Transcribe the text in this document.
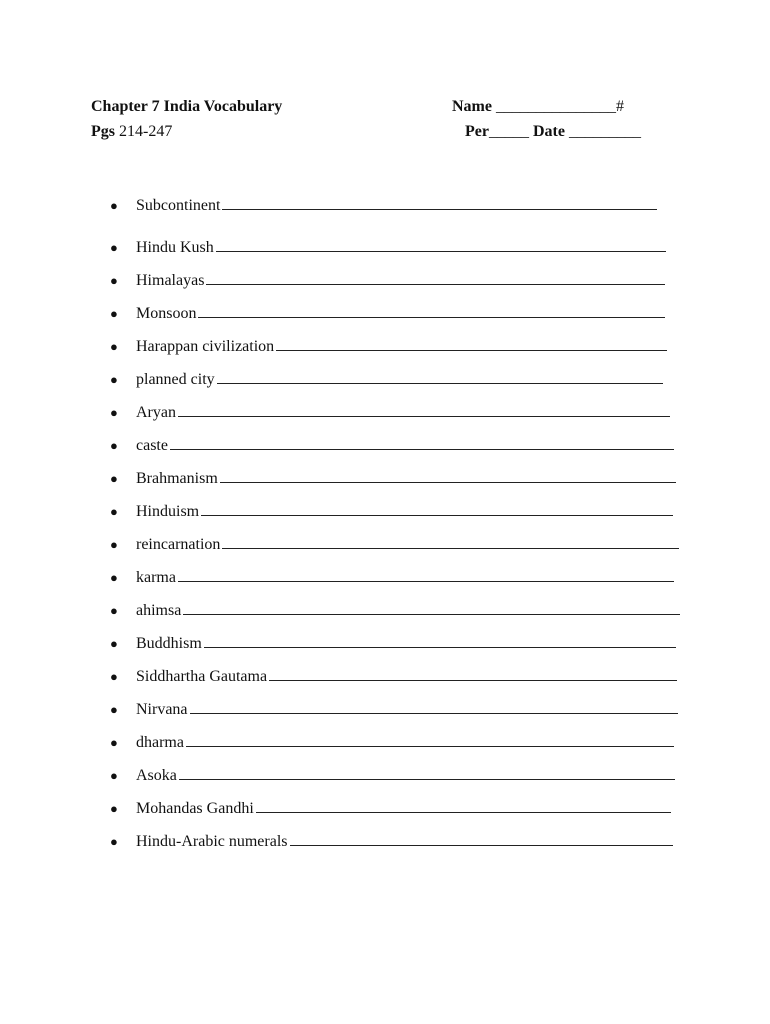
Chapter 7 India Vocabulary
Pgs 214-247
Name _______________#
Per_____ Date _________
●	Subcontinent
●	Hindu Kush
●	Himalayas
●	Monsoon
●	Harappan civilization
●	planned city
●	Aryan
●	caste
●	Brahmanism
●	Hinduism
●	reincarnation
●	karma
●	ahimsa
●	Buddhism
●	Siddhartha Gautama
●	Nirvana
●	dharma
●	Asoka
●	Mohandas Gandhi
●	Hindu-Arabic numerals
